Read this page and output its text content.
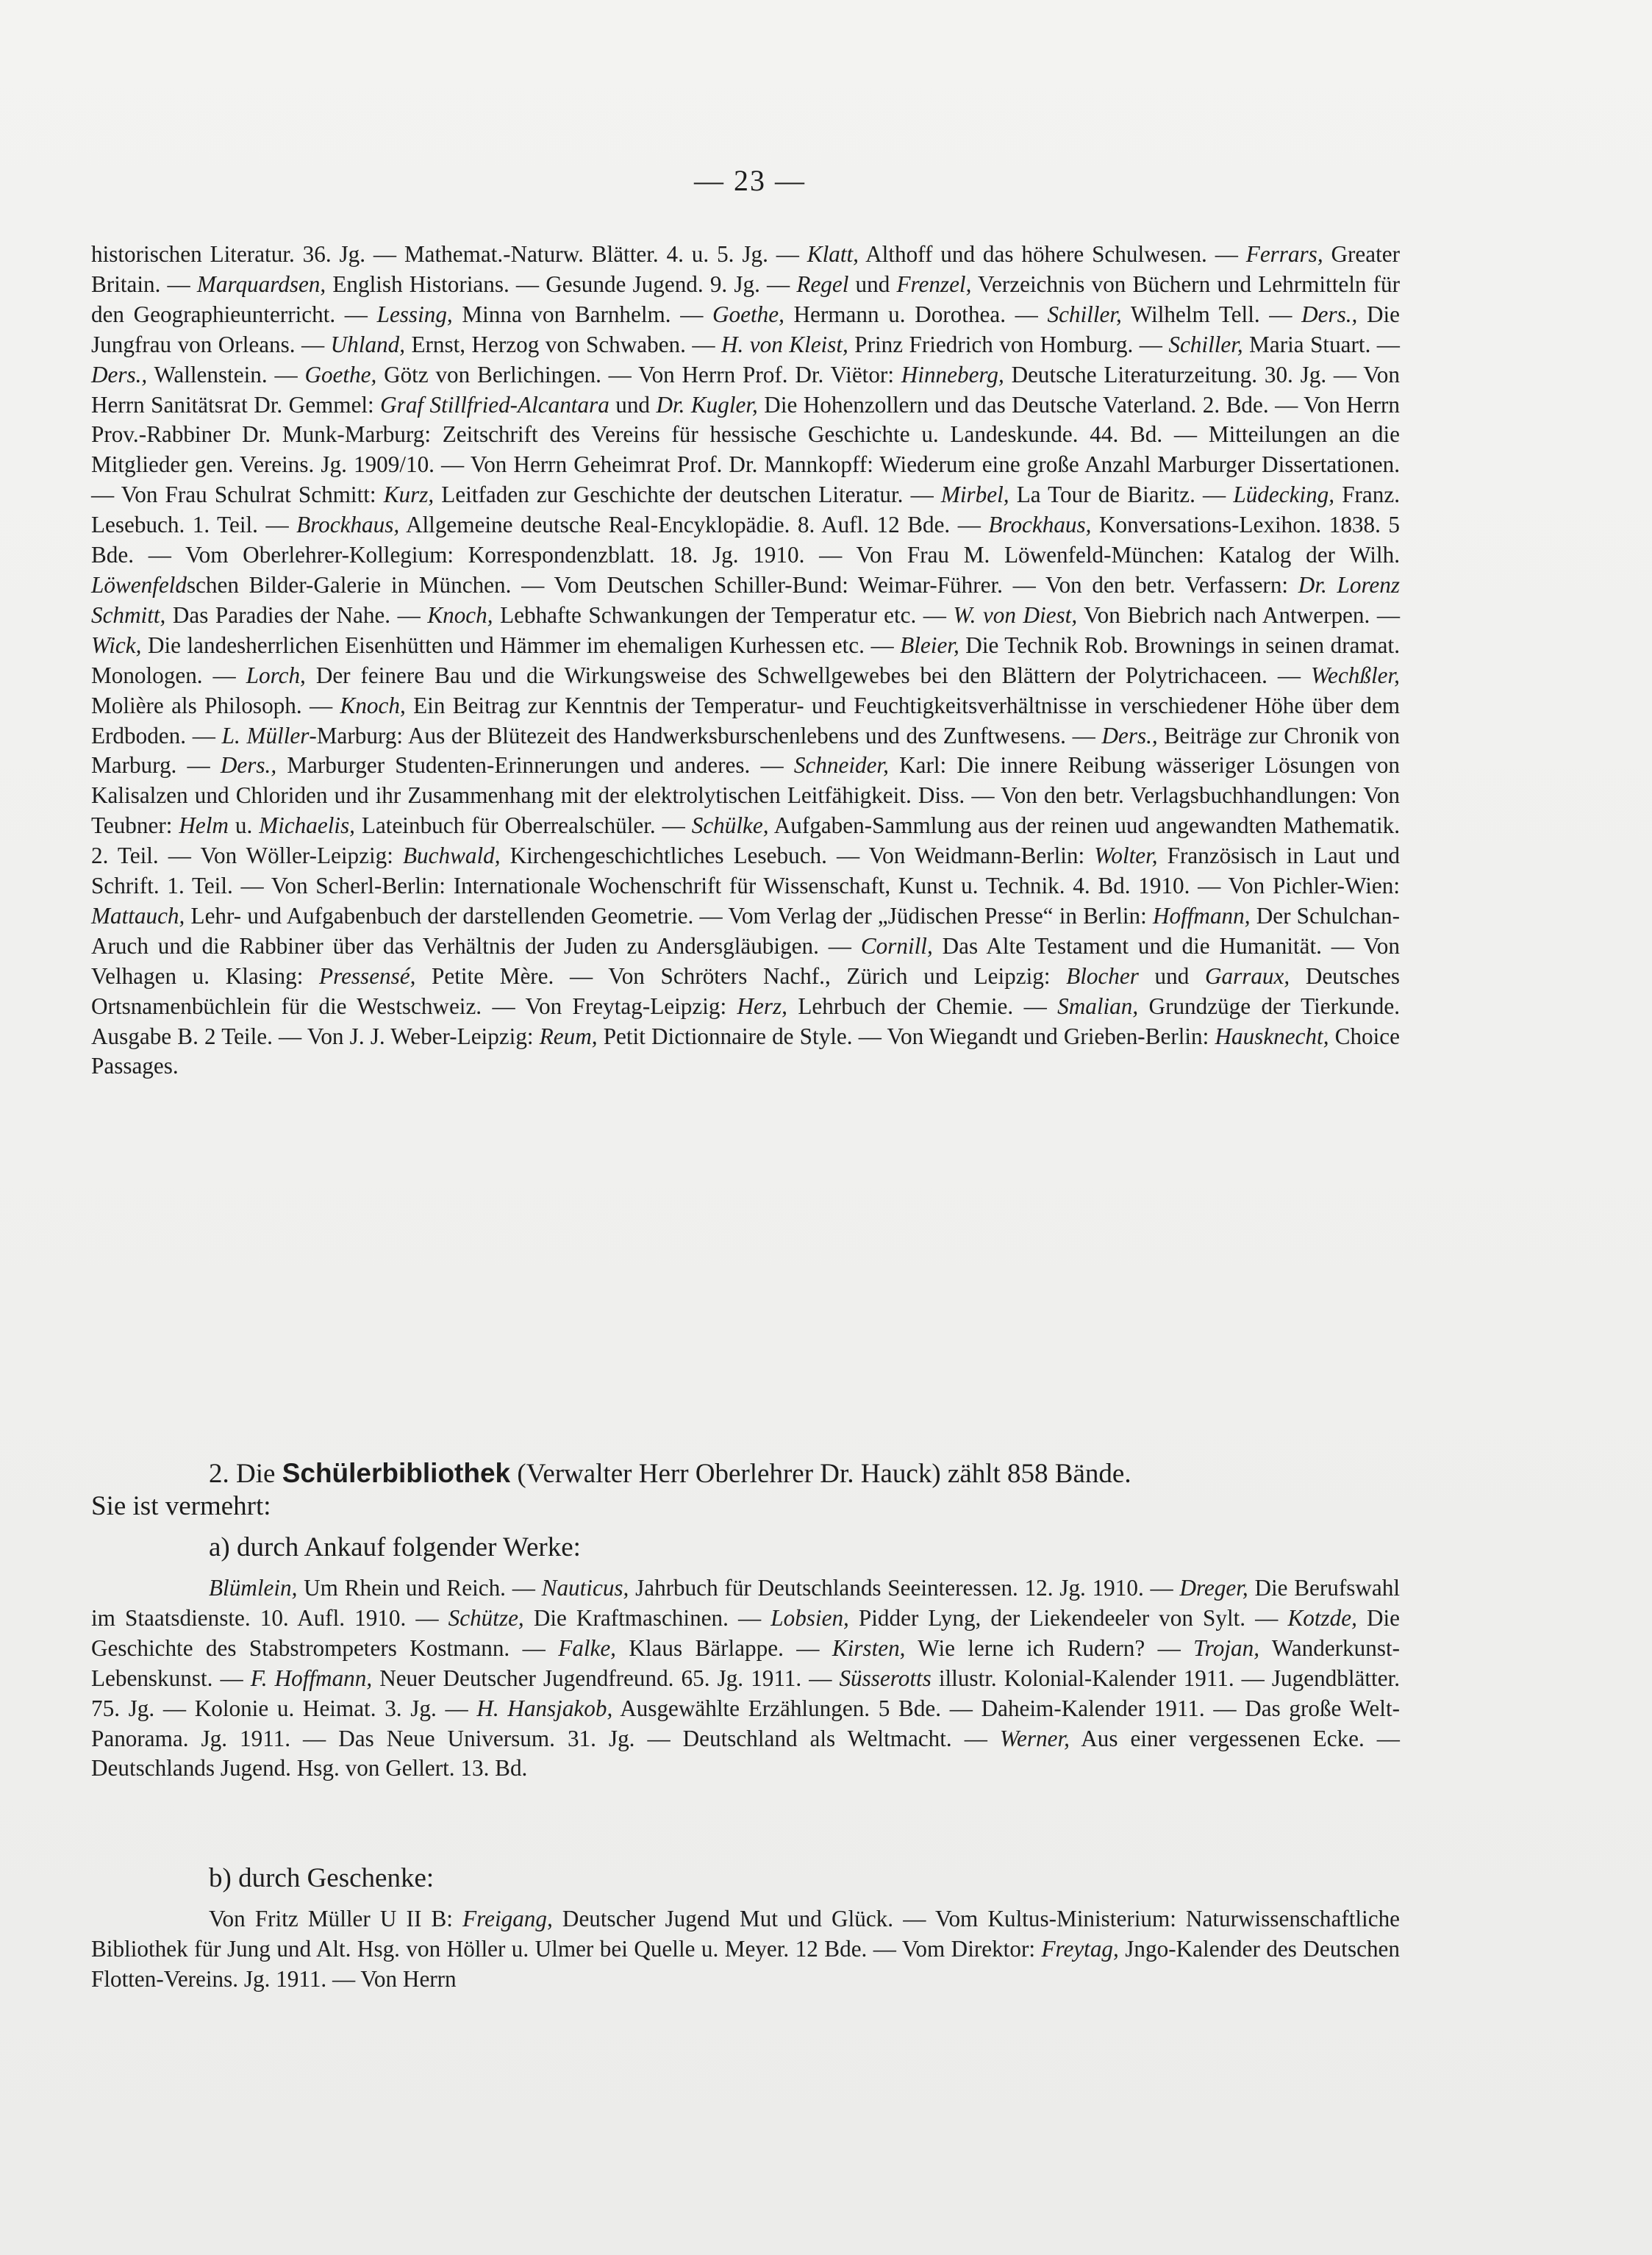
— 23 —

historischen Literatur. 36. Jg. — Mathemat.-Naturw. Blätter. 4. u. 5. Jg. — Klatt, Althoff und das höhere Schulwesen. — Ferrars, Greater Britain. — Marquardsen, English Historians. — Gesunde Jugend. 9. Jg. — Regel und Frenzel, Verzeichnis von Büchern und Lehrmitteln für den Geographieunterricht. — Lessing, Minna von Barnhelm. — Goethe, Hermann u. Dorothea. — Schiller, Wilhelm Tell. — Ders., Die Jungfrau von Orleans. — Uhland, Ernst, Herzog von Schwaben. — H. von Kleist, Prinz Friedrich von Homburg. — Schiller, Maria Stuart. — Ders., Wallenstein. — Goethe, Götz von Berlichingen. — Von Herrn Prof. Dr. Viëtor: Hinneberg, Deutsche Literaturzeitung. 30. Jg. — Von Herrn Sanitätsrat Dr. Gemmel: Graf Stillfried-Alcantara und Dr. Kugler, Die Hohenzollern und das Deutsche Vaterland. 2. Bde. — Von Herrn Prov.-Rabbiner Dr. Munk-Marburg: Zeitschrift des Vereins für hessische Geschichte u. Landeskunde. 44. Bd. — Mitteilungen an die Mitglieder gen. Vereins. Jg. 1909/10. — Von Herrn Geheimrat Prof. Dr. Mannkopff: Wiederum eine große Anzahl Marburger Dissertationen. — Von Frau Schulrat Schmitt: Kurz, Leitfaden zur Geschichte der deutschen Literatur. — Mirbel, La Tour de Biaritz. — Lüdecking, Franz. Lesebuch. 1. Teil. — Brockhaus, Allgemeine deutsche Real-Encyklopädie. 8. Aufl. 12 Bde. — Brockhaus, Konversations-Lexihon. 1838. 5 Bde. — Vom Oberlehrer-Kollegium: Korrespondenzblatt. 18. Jg. 1910. — Von Frau M. Löwenfeld-München: Katalog der Wilh. Löwenfeldschen Bilder-Galerie in München. — Vom Deutschen Schiller-Bund: Weimar-Führer. — Von den betr. Verfassern: Dr. Lorenz Schmitt, Das Paradies der Nahe. — Knoch, Lebhafte Schwankungen der Temperatur etc. — W. von Diest, Von Biebrich nach Antwerpen. — Wick, Die landesherrlichen Eisenhütten und Hämmer im ehemaligen Kurhessen etc. — Bleier, Die Technik Rob. Brownings in seinen dramat. Monologen. — Lorch, Der feinere Bau und die Wirkungsweise des Schwellgewebes bei den Blättern der Polytrichaceen. — Wechßler, Molière als Philosoph. — Knoch, Ein Beitrag zur Kenntnis der Temperatur- und Feuchtigkeitsverhältnisse in verschiedener Höhe über dem Erdboden. — L. Müller-Marburg: Aus der Blütezeit des Handwerksburschenlebens und des Zunftwesens. — Ders., Beiträge zur Chronik von Marburg. — Ders., Marburger Studenten-Erinnerungen und anderes. — Schneider, Karl: Die innere Reibung wässeriger Lösungen von Kalisalzen und Chloriden und ihr Zusammenhang mit der elektrolytischen Leitfähigkeit. Diss. — Von den betr. Verlagsbuchhandlungen: Von Teubner: Helm u. Michaelis, Lateinbuch für Oberrealschüler. — Schülke, Aufgaben-Sammlung aus der reinen uud angewandten Mathematik. 2. Teil. — Von Wöller-Leipzig: Buchwald, Kirchengeschichtliches Lesebuch. — Von Weidmann-Berlin: Wolter, Französisch in Laut und Schrift. 1. Teil. — Von Scherl-Berlin: Internationale Wochenschrift für Wissenschaft, Kunst u. Technik. 4. Bd. 1910. — Von Pichler-Wien: Mattauch, Lehr- und Aufgabenbuch der darstellenden Geometrie. — Vom Verlag der „Jüdischen Presse“ in Berlin: Hoffmann, Der Schulchan-Aruch und die Rabbiner über das Verhältnis der Juden zu Andersgläubigen. — Cornill, Das Alte Testament und die Humanität. — Von Velhagen u. Klasing: Pressensé, Petite Mère. — Von Schröters Nachf., Zürich und Leipzig: Blocher und Garraux, Deutsches Ortsnamenbüchlein für die Westschweiz. — Von Freytag-Leipzig: Herz, Lehrbuch der Chemie. — Smalian, Grundzüge der Tierkunde. Ausgabe B. 2 Teile. — Von J. J. Weber-Leipzig: Reum, Petit Dictionnaire de Style. — Von Wiegandt und Grieben-Berlin: Hausknecht, Choice Passages.

2. Die Schülerbibliothek (Verwalter Herr Oberlehrer Dr. Hauck) zählt 858 Bände.
Sie ist vermehrt:
a) durch Ankauf folgender Werke:

Blümlein, Um Rhein und Reich. — Nauticus, Jahrbuch für Deutschlands Seeinteressen. 12. Jg. 1910. — Dreger, Die Berufswahl im Staatsdienste. 10. Aufl. 1910. — Schütze, Die Kraftmaschinen. — Lobsien, Pidder Lyng, der Liekendeeler von Sylt. — Kotzde, Die Geschichte des Stabstrompeters Kostmann. — Falke, Klaus Bärlappe. — Kirsten, Wie lerne ich Rudern? — Trojan, Wanderkunst-Lebenskunst. — F. Hoffmann, Neuer Deutscher Jugendfreund. 65. Jg. 1911. — Süsserotts illustr. Kolonial-Kalender 1911. — Jugendblätter. 75. Jg. — Kolonie u. Heimat. 3. Jg. — H. Hansjakob, Ausgewählte Erzählungen. 5 Bde. — Daheim-Kalender 1911. — Das große Welt-Panorama. Jg. 1911. — Das Neue Universum. 31. Jg. — Deutschland als Weltmacht. — Werner, Aus einer vergessenen Ecke. — Deutschlands Jugend. Hsg. von Gellert. 13. Bd.

b) durch Geschenke:

Von Fritz Müller U II B: Freigang, Deutscher Jugend Mut und Glück. — Vom Kultus-Ministerium: Naturwissenschaftliche Bibliothek für Jung und Alt. Hsg. von Höller u. Ulmer bei Quelle u. Meyer. 12 Bde. — Vom Direktor: Freytag, Jngo-Kalender des Deutschen Flotten-Vereins. Jg. 1911. — Von Herrn
